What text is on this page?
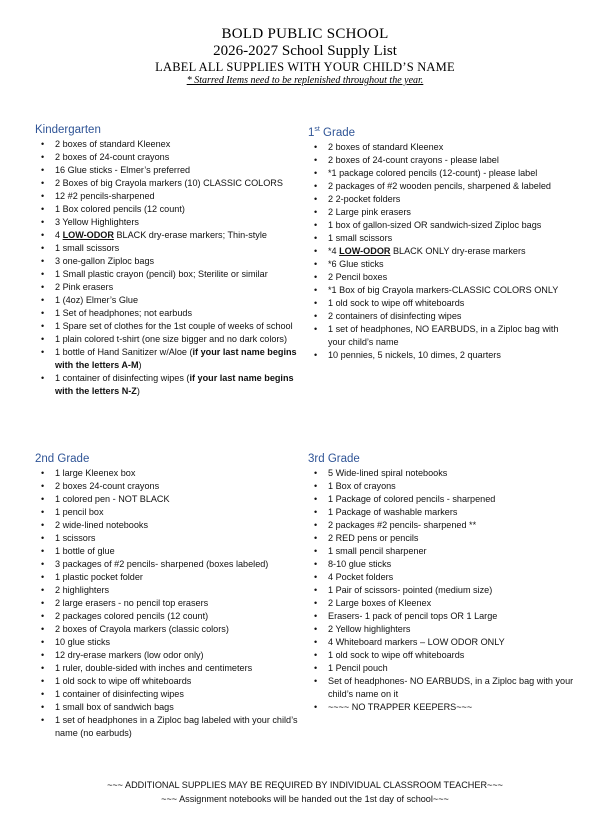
BOLD PUBLIC SCHOOL
2026-2027 School Supply List
LABEL ALL SUPPLIES WITH YOUR CHILD’S NAME
* Starred Items need to be replenished throughout the year.
Kindergarten
• 2 boxes of standard Kleenex
• 2 boxes of 24-count crayons
• 16 Glue sticks - Elmer’s preferred
• 2 Boxes of big Crayola markers (10) CLASSIC COLORS
• 12 #2 pencils-sharpened
• 1 Box colored pencils (12 count)
• 3 Yellow Highlighters
• 4 LOW-ODOR BLACK dry-erase markers; Thin-style
• 1 small scissors
• 3 one-gallon Ziploc bags
• 1 Small plastic crayon (pencil) box; Sterilite or similar
• 2 Pink erasers
• 1 (4oz) Elmer’s Glue
• 1 Set of headphones; not earbuds
• 1 Spare set of clothes for the 1st couple of weeks of school
• 1 plain colored t-shirt (one size bigger and no dark colors)
• 1 bottle of Hand Sanitizer w/Aloe (if your last name begins with the letters A-M)
• 1 container of disinfecting wipes (if your last name begins with the letters N-Z)
1st Grade
• 2 boxes of standard Kleenex
• 2 boxes of 24-count crayons - please label
• *1 package colored pencils (12-count) - please label
• 2 packages of #2 wooden pencils, sharpened & labeled
• 2 2-pocket folders
• 2 Large pink erasers
• 1 box of gallon-sized OR sandwich-sized Ziploc bags
• 1 small scissors
• *4 LOW-ODOR BLACK ONLY dry-erase markers
• *6 Glue sticks
• 2 Pencil boxes
• *1 Box of big Crayola markers-CLASSIC COLORS ONLY
• 1 old sock to wipe off whiteboards
• 2 containers of disinfecting wipes
• 1 set of headphones, NO EARBUDS, in a Ziploc bag with your child’s name
• 10 pennies, 5 nickels, 10 dimes, 2 quarters
2nd Grade
• 1 large Kleenex box
• 2 boxes 24-count crayons
• 1 colored pen - NOT BLACK
• 1 pencil box
• 2 wide-lined notebooks
• 1 scissors
• 1 bottle of glue
• 3 packages of #2 pencils- sharpened (boxes labeled)
• 1 plastic pocket folder
• 2 highlighters
• 2 large erasers - no pencil top erasers
• 2 packages colored pencils (12 count)
• 2 boxes of Crayola markers (classic colors)
• 10 glue sticks
• 12 dry-erase markers (low odor only)
• 1 ruler, double-sided with inches and centimeters
• 1 old sock to wipe off whiteboards
• 1 container of disinfecting wipes
• 1 small box of sandwich bags
• 1 set of headphones in a Ziploc bag labeled with your child’s name (no earbuds)
3rd Grade
• 5 Wide-lined spiral notebooks
• 1 Box of crayons
• 1 Package of colored pencils - sharpened
• 1 Package of washable markers
• 2 packages #2 pencils- sharpened **
• 2 RED pens or pencils
• 1 small pencil sharpener
• 8-10 glue sticks
• 4 Pocket folders
• 1 Pair of scissors- pointed (medium size)
• 2 Large boxes of Kleenex
• Erasers- 1 pack of pencil tops OR 1 Large
• 2 Yellow highlighters
• 4 Whiteboard markers – LOW ODOR ONLY
• 1 old sock to wipe off whiteboards
• 1 Pencil pouch
• Set of headphones- NO EARBUDS, in a Ziploc bag with your child’s name on it
• ~~~~ NO TRAPPER KEEPERS~~~
~~~ ADDITIONAL SUPPLIES MAY BE REQUIRED BY INDIVIDUAL CLASSROOM TEACHER~~~
~~~ Assignment notebooks will be handed out the 1st day of school~~~
